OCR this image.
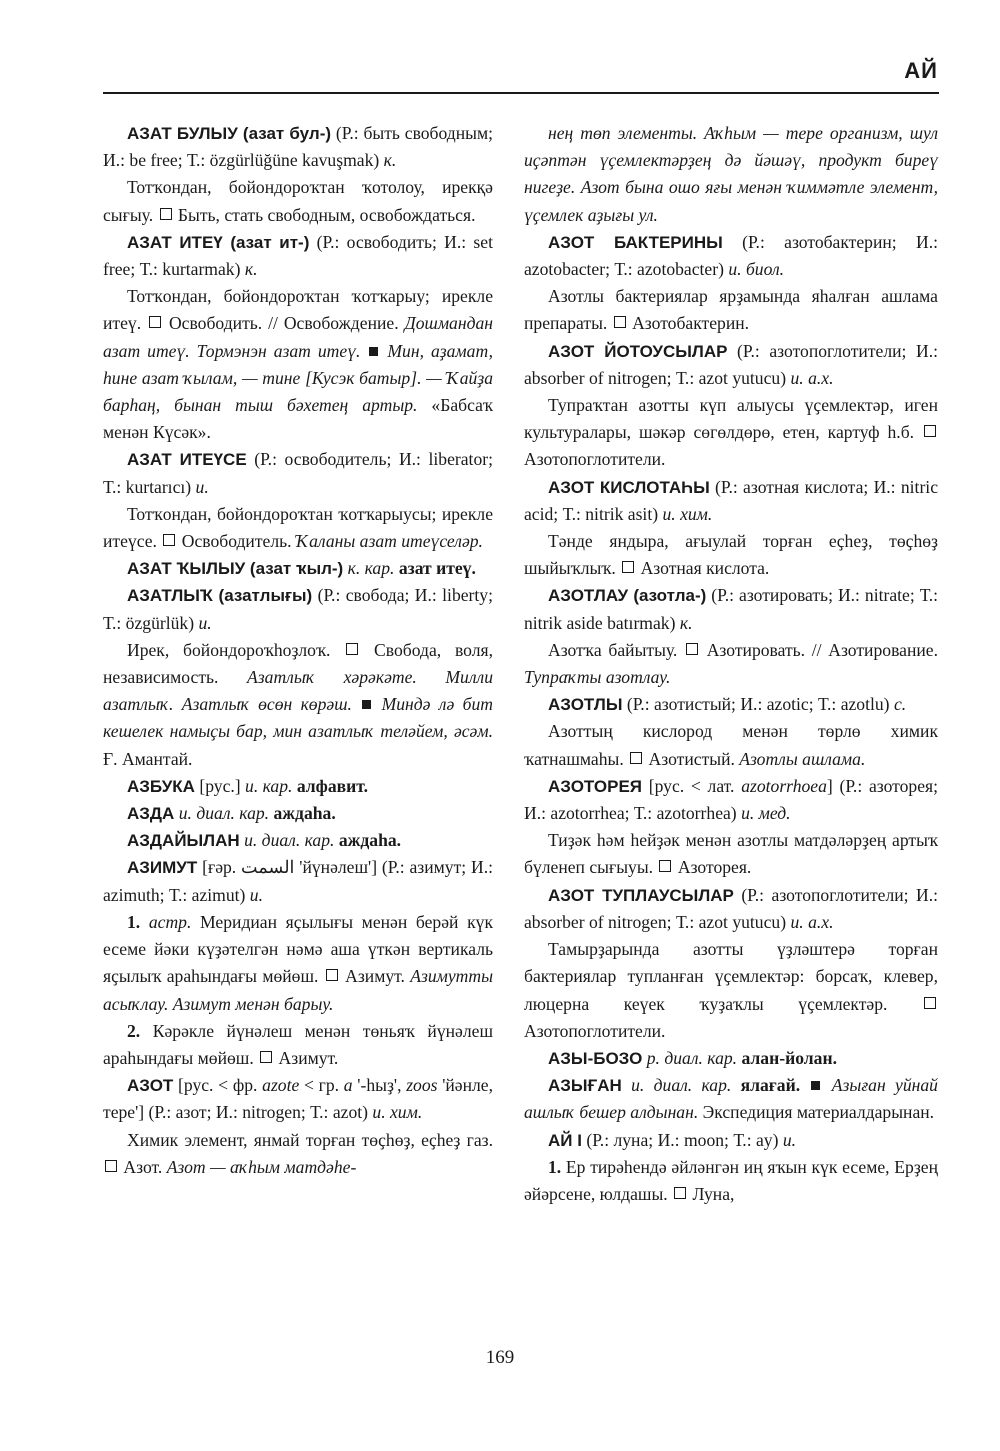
АЙ

АЗАТ БУЛЫУ (азат бул-) (Р.: быть свободным; И.: be free; Т.: özgürlüğüne kavuşmak) к.

Тотҡондан, бойондороҡтан ҡотолоу, ирекқә сығыу.  Быть, стать свободным, освобождаться.

АЗАТ ИТЕҮ (азат ит-) (Р.: освободить; И.: set free; Т.: kurtarmak) к.

Тотҡондан, бойондороҡтан ҡотҡарыу; ирекле итеү.  Освободить. // Освобождение. Дошмандан азат итеү. Тормэнэн азат итеү. Мин, аҙамат, һине азат ҡылам, — тине [Кусэк батыр]. — Ҡайҙа барһаң, бынан тыш бәхетең артыр. «Бабсаҡ менән Күсәк».

АЗАТ ИТЕҮСЕ (Р.: освободитель; И.: liberator; Т.: kurtarıcı) и.

Тотҡондан, бойондороҡтан ҡотҡарыусы; ирекле итеүсе.  Освободитель. Ҡаланы азат итеүселәр.

АЗАТ ҠЫЛЫУ (азат ҡыл-) к. кар. азат итеү.

АЗАТЛЫҠ (азатлығы) (Р.: свобода; И.: liberty; Т.: özgürlük) и.

Ирек, бойондороҡһоҙлоҡ.  Свобода, воля, независимость. Азатлыҡ хәрәкәте. Милли азатлыҡ. Азатлыҡ өсөн көрәш. Миндә лә бит кешелек намыҫы бар, мин азатлыҡ теләйем, әсәм. Ғ. Амантай.

АЗБУКА [рус.] и. кар. алфавит.

АЗДА и. диал. кар. аждаһа.

АЗДАЙЫЛАН и. диал. кар. аждаһа.

АЗИМУТ [ғәр. السمت 'йүнәлеш'] (Р.: азимут; И.: azimuth; Т.: azimut) и.

1. астр. Меридиан яҫылығы менән берәй күк есеме йәки күҙәтелгән нәмә аша үткән вертикаль яҫылыҡ араһындағы мөйөш.  Азимут. Азимутты асыҡлау. Азимут менән барыу.

2. Кәрәкле йүнәлеш менән төньяҡ йүнәлеш араһындағы мөйөш.  Азимут.

АЗОТ [рус. < фр. azote < гр. a '-һыҙ', zoos 'йәнле, тере'] (Р.: азот; И.: nitrogen; Т.: azot) и. хим.

Химик элемент, янмай торған төҫһөҙ, еҫһеҙ газ.  Азот. Азот — аҡһым матдәһе-

нең төп элементы. Аҡһым — тере организм, шул иҫәптән үҫемлектәрҙең дә йәшәү, продукт биреү нигеҙе. Азот бына ошо яғы менән ҡиммәтле элемент, үҫемлек аҙығы ул.

АЗОТ БАКТЕРИНЫ (Р.: азотобактерин; И.: azotobacter; Т.: azotobacter) и. биол.

Азотлы бактериялар ярҙамында яһалған ашлама препараты.  Азотобактерин.

АЗОТ ЙОТОУСЫЛАР (Р.: азотопоглотители; И.: absorber of nitrogen; Т.: azot yutucu) и. а.х.

Тупраҡтан азотты күп алыусы үҫемлектәр, иген культуралары, шәкәр сөгөлдөрө, етен, картуф һ.б.  Азотопоглотители.

АЗОТ КИСЛОТАҺЫ (Р.: азотная кислота; И.: nitric acid; Т.: nitrik asit) и. хим.

Тәнде яндыра, ағыулай торған еҫһеҙ, төҫһөҙ шыйыҡлыҡ.  Азотная кислота.

АЗОТЛАУ (азотла-) (Р.: азотировать; И.: nitrate; Т.: nitrik aside batırmak) к.

Азотҡа байытыу.  Азотировать. // Азотирование. Тупраҡты азотлау.

АЗОТЛЫ (Р.: азотистый; И.: azotic; Т.: azotlu) с.

Азоттың кислород менән төрлө химик ҡатнашмаһы.  Азотистый. Азотлы ашлама.

АЗОТОРЕЯ [рус. < лат. azotorrhoea] (Р.: азоторея; И.: azotorrhea; Т.: azotorrhea) и. мед.

Тиҙәк һәм һейҙәк менән азотлы матдәләрҙең артыҡ бүленеп сығыуы.  Азоторея.

АЗОТ ТУПЛАУСЫЛАР (Р.: азотопоглотители; И.: absorber of nitrogen; Т.: azot yutucu) и. а.х.

Тамырҙарында азотты үҙләштерә торған бактериялар тупланған үҫемлектәр: борсаҡ, клевер, люцерна кеүек ҡуҙаҡлы үҫемлектәр.  Азотопоглотители.

АЗЫ-БОЗО р. диал. кар. алан-йолан.

АЗЫҒАН и. диал. кар. ялағай. Азыған уйнай ашлыҡ бешер алдынан. Экспедиция материалдарынан.

АЙ I (Р.: луна; И.: moon; Т.: ay) и.

1. Ер тирәһендә әйләнгән иң яҡын күк есеме, Ерҙең әйәрсене, юлдашы.  Луна,

169
